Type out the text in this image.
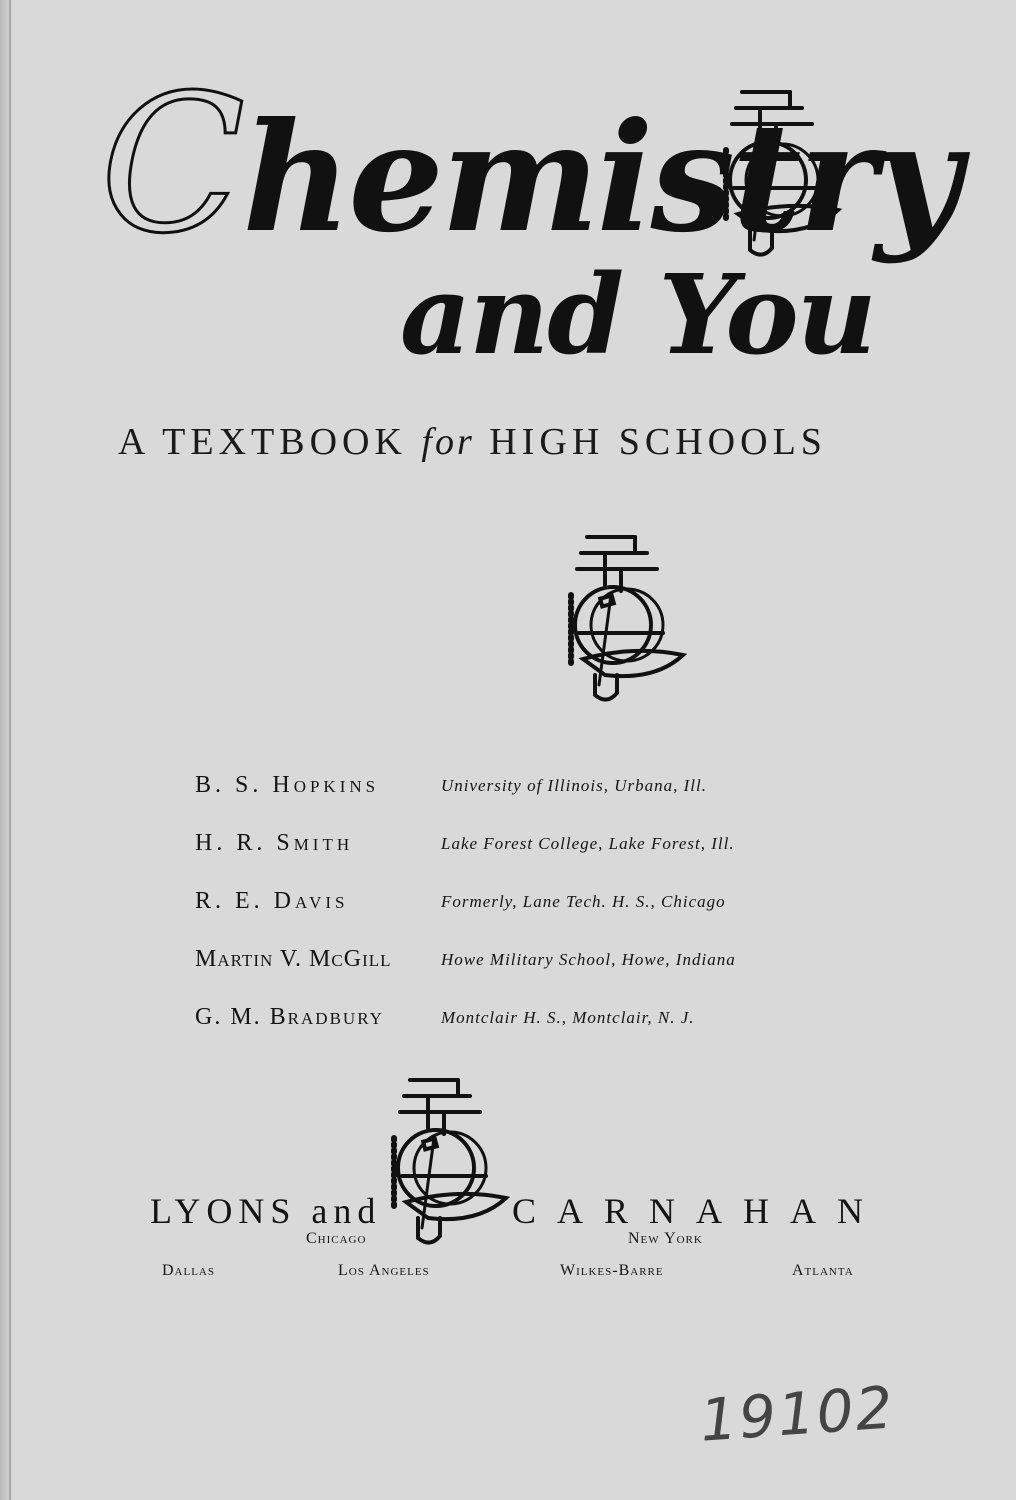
Chemistry
and You
A TEXTBOOK for HIGH SCHOOLS
B. S. Hopkins	University of Illinois, Urbana, Ill.
H. R. Smith	Lake Forest College, Lake Forest, Ill.
R. E. Davis	Formerly, Lane Tech. H. S., Chicago
Martin V. McGill	Howe Military School, Howe, Indiana
G. M. Bradbury	Montclair H. S., Montclair, N. J.
LYONS and	CARNAHAN
Chicago	New York
Dallas	Los Angeles	Wilkes-Barre	Atlanta
19102
